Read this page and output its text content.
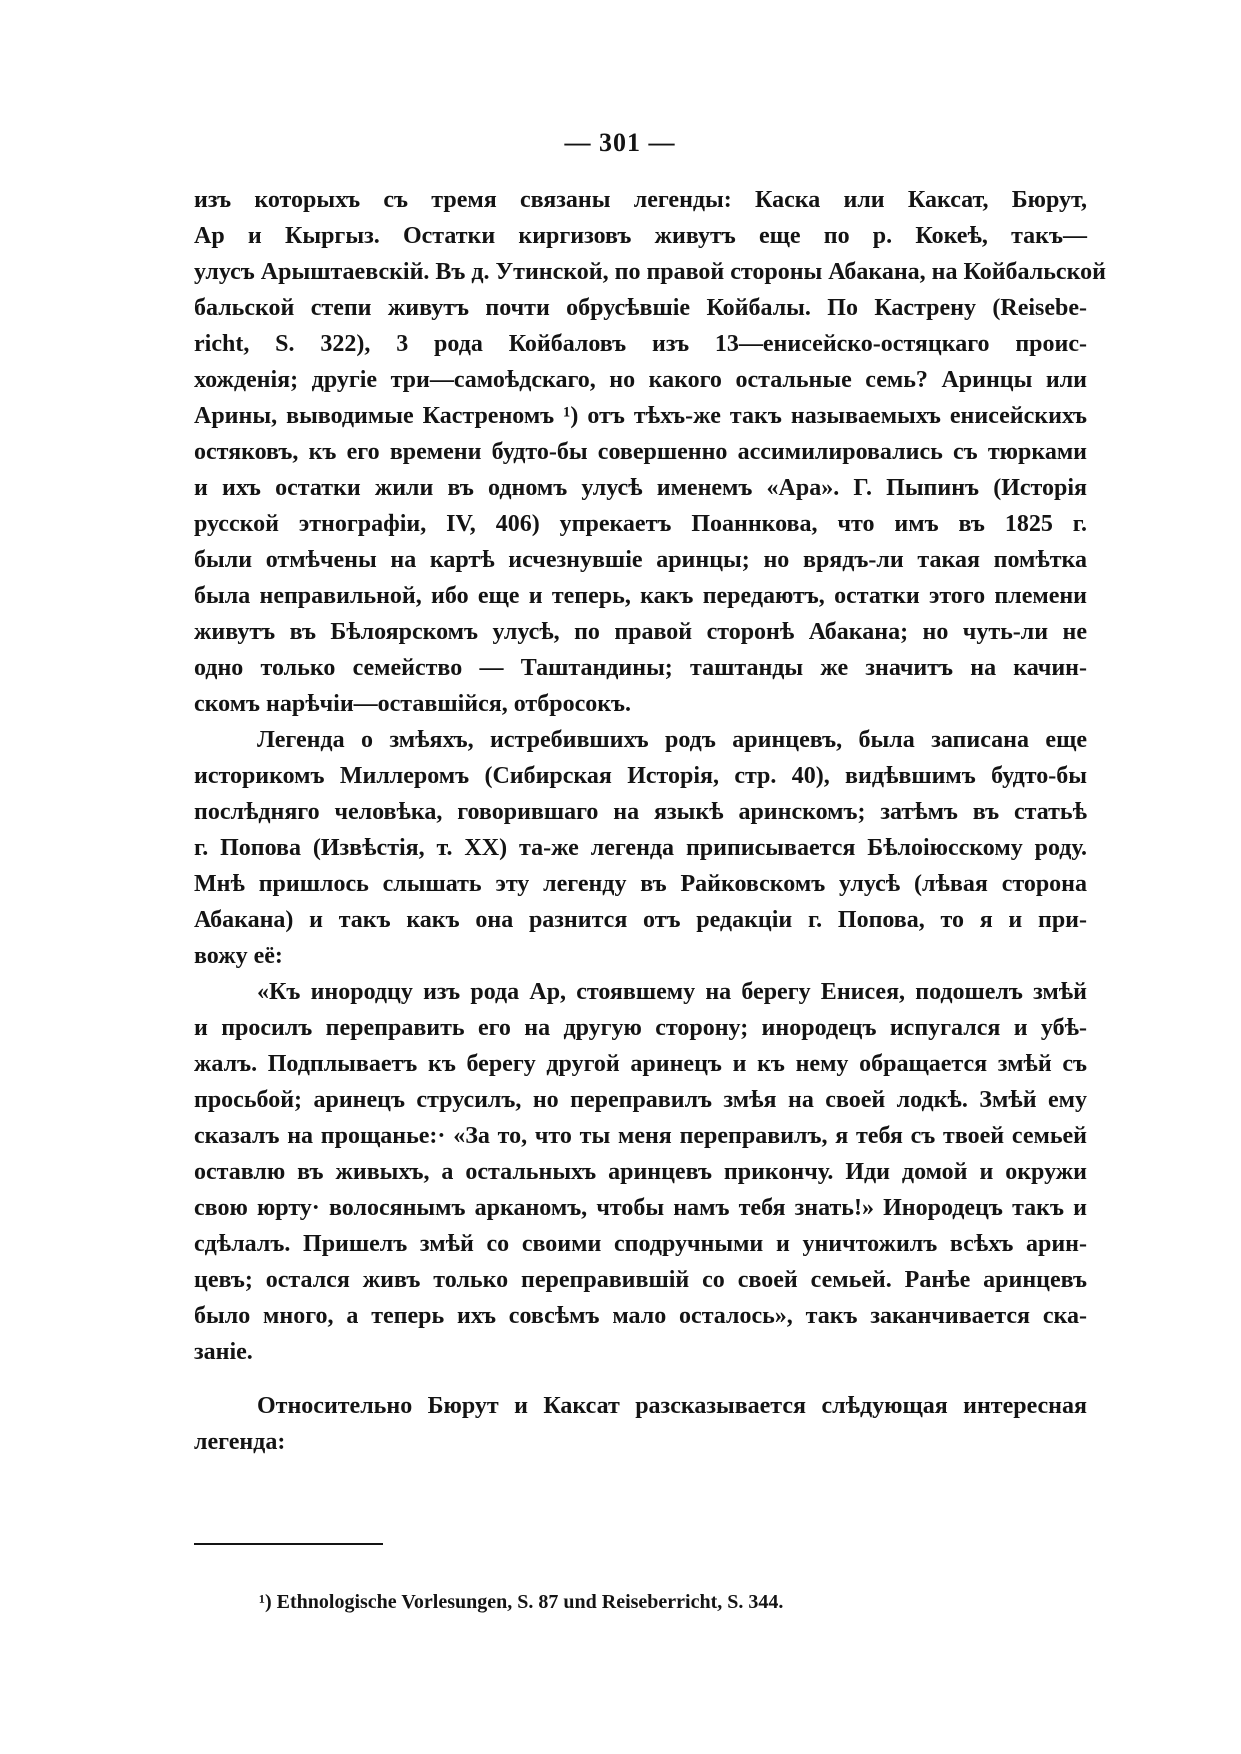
— 301 —
изъ которыхъ съ тремя связаны легенды: Каска или Каксат, Бюрут,
Ар и Кыргыз. Остатки киргизовъ живутъ еще по р. Кокеѣ, такъ—
улусъ Арыштаевскій. Въ д. Утинской, по правой стороны Абакана, на Койбальской
бальской степи живутъ почти обрусѣвшіе Койбалы. По Кастрену (Reisebe-
richt, S. 322), 3 рода Койбаловъ изъ 13—енисейско-остяцкаго проис-
хожденія; другіе три—самоѣдскаго, но какого остальные семь? Аринцы или
Арины, выводимые Кастреномъ ¹) отъ тѣхъ-же такъ называемыхъ енисейскихъ
остяковъ, къ его времени будто-бы совершенно ассимилировались съ тюрками
и ихъ остатки жили въ одномъ улусѣ именемъ «Ара». Г. Пыпинъ (Исторія
русской этнографіи, IV, 406) упрекаетъ Поаннкова, что имъ въ 1825 г.
были отмѣчены на картѣ исчезнувшіе аринцы; но врядъ-ли такая помѣтка
была неправильной, ибо еще и теперь, какъ передаютъ, остатки этого племени
живутъ въ Бѣлоярскомъ улусѣ, по правой сторонѣ Абакана; но чуть-ли не
одно только семейство — Таштандины; таштанды же значитъ на качин-
скомъ нарѣчіи—оставшійся, отбросокъ.
Легенда о змѣяхъ, истребившихъ родъ аринцевъ, была записана еще
историкомъ Миллеромъ (Сибирская Исторія, стр. 40), видѣвшимъ будто-бы
послѣдняго человѣка, говорившаго на языкѣ аринскомъ; затѣмъ въ статьѣ
г. Попова (Извѣстія, т. XX) та-же легенда приписывается Бѣлоіюсскому роду.
Мнѣ пришлось слышать эту легенду въ Райковскомъ улусѣ (лѣвая сторона
Абакана) и такъ какъ она разнится отъ редакціи г. Попова, то я и при-
вожу её:
«Къ инородцу изъ рода Ар, стоявшему на берегу Енисея, подошелъ змѣй
и просилъ переправить его на другую сторону; инородецъ испугался и убѣ-
жалъ. Подплываетъ къ берегу другой аринецъ и къ нему обращается змѣй съ
просьбой; аринецъ струсилъ, но переправилъ змѣя на своей лодкѣ. Змѣй ему
сказалъ на прощанье:· «За то, что ты меня переправилъ, я тебя съ твоей семьей
оставлю въ живыхъ, а остальныхъ аринцевъ прикончу. Иди домой и окружи
свою юрту· волосянымъ арканомъ, чтобы намъ тебя знать!» Инородецъ такъ и
сдѣлалъ. Пришелъ змѣй со своими сподручными и уничтожилъ всѣхъ арин-
цевъ; остался живъ только переправившій со своей семьей. Ранѣе аринцевъ
было много, а теперь ихъ совсѣмъ мало осталось», такъ заканчивается ска-
заніе.
Относительно Бюрут и Каксат разсказывается слѣдующая интересная
легенда:
¹) Ethnologische Vorlesungen, S. 87 und Reiseberricht, S. 344.
